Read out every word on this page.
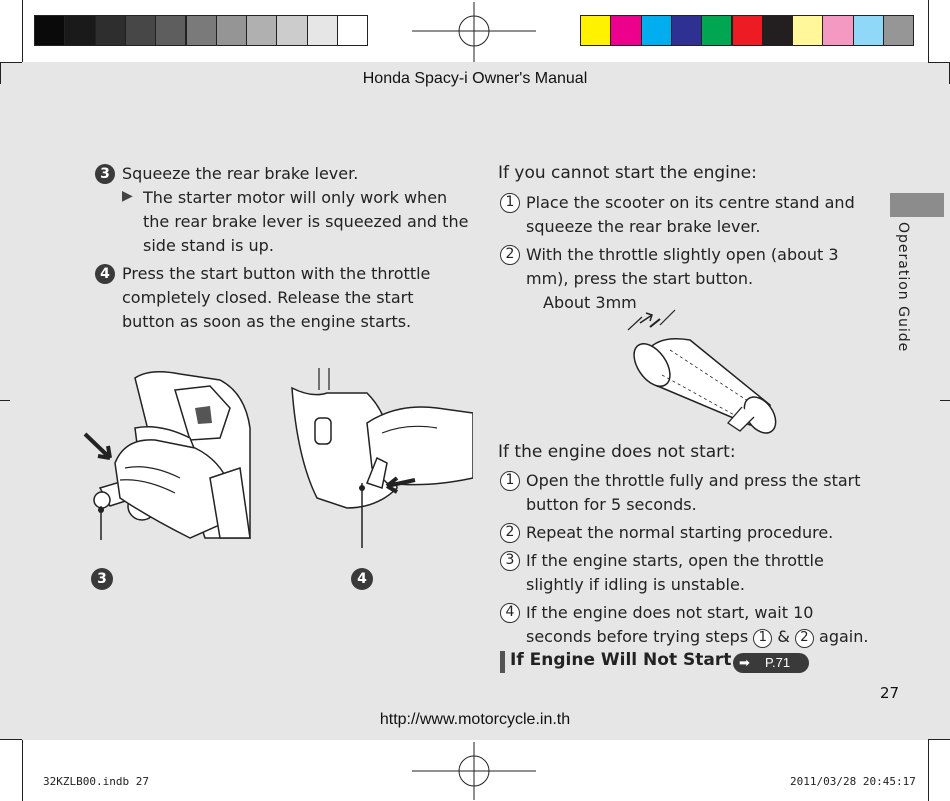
Honda Spacy-i Owner's Manual
Operation Guide
3 Squeeze the rear brake lever.
▶ The starter motor will only work when
the rear brake lever is squeezed and the
side stand is up.
4 Press the start button with the throttle
completely closed. Release the start
button as soon as the engine starts.
3	4
If you cannot start the engine:
1 Place the scooter on its centre stand and
squeeze the rear brake lever.
2 With the throttle slightly open (about 3
mm), press the start button.
About 3mm
If the engine does not start:
1 Open the throttle fully and press the start
button for 5 seconds.
2 Repeat the normal starting procedure.
3 If the engine starts, open the throttle
slightly if idling is unstable.
4 If the engine does not start, wait 10
seconds before trying steps 1 & 2 again.
If Engine Will Not Start ➡ P.71
27
http://www.motorcycle.in.th
32KZLB00.indb 27	2011/03/28 20:45:17
